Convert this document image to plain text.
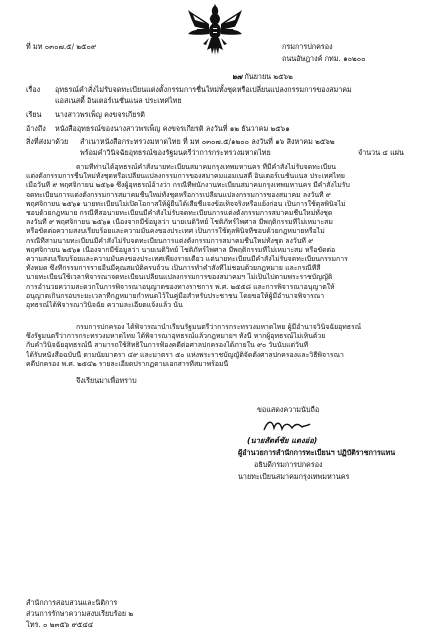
ที่ มท ๐๓๐๗.๕/ ๒๕๐๙	กรมการปกครอง
ถนนอัษฎางค์ กทม. ๑๐๒๐๐
๒๗ กันยายน ๒๕๖๒
เรื่อง อุทธรณ์คำสั่งไม่รับจดทะเบียนแต่งตั้งกรรมการชื่นใหม่ทั้งชุดหรือเปลี่ยนแปลงกรรมการของสมาคม
แอสเนสตี้ อินเตอร์เนชั่นแนล ประเทศไทย
เรียน นางสาวพรเพ็ญ คงขจรเกียรติ
อ้างถึง หนังสืออุทธรณ์ของนางสาวพรเพ็ญ คงขจรเกียรติ ลงวันที่ ๑๒ ธันวาคม ๒๕๖๑
สิ่งที่ส่งมาด้วย สำเนาหนังสือกระทรวงมหาดไทย ที่ มท ๐๓๐๗.๕/๑๒๐๐ ลงวันที่ ๑๖ สิงหาคม ๒๕๖๒
พร้อมคำวินิจฉัยอุทธรณ์ของรัฐมนตรีว่าการกระทรวงมหาดไทย	จำนวน ๔ แผ่น
ตามที่ท่านได้อุทธรณ์คำสั่งนายทะเบียนสมาคมกรุงเทพมหานคร ที่มีคำสั่งไม่รับจดทะเบียน
แต่งตั้งกรรมการชื่นใหม่ทั้งชุดหรือเปลี่ยนแปลงกรรมการของสมาคมแอมเนสตี้ อินเตอร์เนชั่นแนล ประเทศไทย
เมื่อวันที่ ๙ พฤศจิกายน ๒๕๖๑ ซึ่งผู้อุทธรณ์อ้างว่า กรณีที่พนักงานทะเบียนสมาคมกรุงเทพมหานคร มีคำสั่งไม่รับ
จดทะเบียนการแต่งตั้งกรรมการสมาคมชื่นใหม่ทั้งชุดหรือการเปลี่ยนแปลงกรรมการของสมาคม ลงวันที่ ๙
พฤศจิกายน ๒๕๖๑ นายทะเบียนไม่เปิดโอกาสให้ผู้ยื่นได้เสียชี้แจงข้อเท็จจริงหรือแย้งก่อน เป็นการใช้ดุลพินิจไม่
ชอบด้วยกฎหมาย กรณีที่สอนายทะเบียนมีคำสั่งไม่รับจดทะเบียนการแต่งตั้งกรรมการสมาคมชื่นใหม่ทั้งชุด
ลงวันที่ ๙ พฤศจิกายน ๒๕๖๑ เนื่องจากมีข้อมูลว่า นายเนติวิทย์ โชติภัทร์ไพศาล มีพฤติกรรมที่ไม่เหมาะสม
หรือขัดต่อความสงบเรียบร้อยและความมั่นคงของประเทศ เป็นการใช้ดุลพินิจที่ชอบด้วยกฎหมายหรือไม่
กรณีที่สามนายทะเบียนมีคำสั่งไม่รับจดทะเบียนการแต่งตั้งกรรมการสมาคมชื่นใหม่ทั้งชุด ลงวันที่ ๙
พฤศจิกายน ๒๕๖๑ เนื่องจากมีข้อมูลว่า นายเนติวิทย์ โชติภัทร์ไพศาล มีพฤติกรรมที่ไม่เหมาะสม หรือขัดต่อ
ความสงบเรียบร้อยและความมั่นคงของประเทศเพียงรายเดียว แต่นายทะเบียนมีคำสั่งไม่รับจดทะเบียนกรรมการ
ทั้งหมด ซึ่งที่กรรมการรายอื่นมีคุณสมบัติครบถ้วน เป็นการทำคำสั่งที่ไม่ชอบด้วยกฎหมาย และกรณีที่สี่
นายทะเบียนใช้เวลาพิจารณาจดทะเบียนเปลี่ยนแปลงกรรมการของสมาคมฯ ไม่เป็นไปตามพระราชบัญญัติ
การอำนวยความสะดวกในการพิจารณาอนุญาตของทางราชการ พ.ศ. ๒๕๕๘ และการพิจารณาอนุญาตให้
อนุญาตเกินกรอบระยะเวลาที่กฎหมายกำหนดไว้ในคู่มือสำหรับประชาชน โดยขอให้ผู้มีอำนาจพิจารณา
อุทธรณ์ได้พิจารณาวินิจฉัย ความละเอียดแจ้งแล้ว นั้น
กรมการปกครอง ได้พิจารณานำเรียนรัฐมนตรีว่าการกระทรวงมหาดไทย ผู้มีอำนาจวินิจฉัยอุทธรณ์
ซึ่งรัฐมนตรีว่าการกระทรวงมหาดไทย ได้พิจารณาอุทธรณ์แล้วกฎหมายฯ ทั้งนี้ หากผู้อุทธรณ์ไม่เห็นด้วย
กับคำวินิจฉัยอุทธรณ์นี้ สามารถใช้สิทธิในการฟ้องคดีต่อศาลปกครองได้ภายใน ๙๐ วันนับแต่วันที่
ได้รับหนังสือฉบับนี้ ตามนัยมาตรา ๔๙ และมาตรา ๕๐ แห่งพระราชบัญญัติจัดตั้งศาลปกครองและวิธีพิจารณา
คดีปกครอง พ.ศ. ๒๕๔๒ รายละเอียดปรากฏตามเอกสารที่สมาพร้อมนี้
จึงเรียนมาเพื่อทราบ
ขอแสดงความนับถือ
(นายสัตต์ชัย แตงอ่อ)
ผู้อำนวยการสำนักการทะเบียนฯ ปฏิบัติราชการแทน
อธิบดีกรมการปกครอง
นายทะเบียนสมาคมกรุงเทพมหานคร
สำนักการสอบสวนและนิติการ
ส่วนการรักษาความสงบเรียบร้อย ๒
โทร. ๐ ๒๓๕๖ ๙๕๔๔
